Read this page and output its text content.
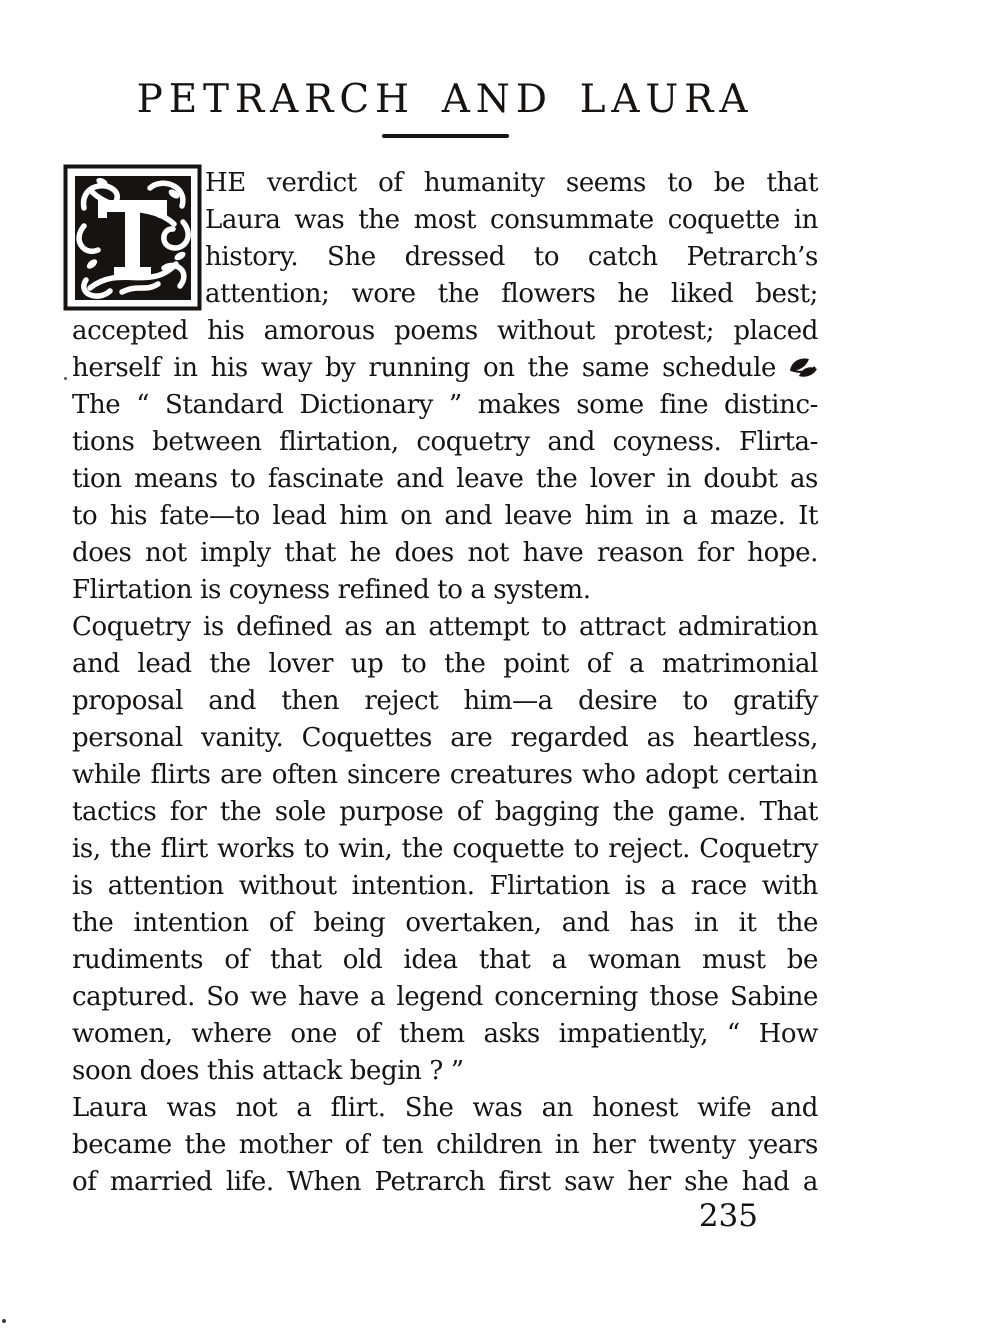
PETRARCH AND LAURA
HE verdict of humanity seems to be that
Laura was the most consummate coquette in
history. She dressed to catch Petrarch’s
attention; wore the flowers he liked best;
accepted his amorous poems without protest; placed
herself in his way by running on the same schedule
The “ Standard Dictionary ” makes some fine distinc-
tions between flirtation, coquetry and coyness. Flirta-
tion means to fascinate and leave the lover in doubt as
to his fate—to lead him on and leave him in a maze. It
does not imply that he does not have reason for hope.
Flirtation is coyness refined to a system.
Coquetry is defined as an attempt to attract admiration
and lead the lover up to the point of a matrimonial
proposal and then reject him—a desire to gratify
personal vanity. Coquettes are regarded as heartless,
while flirts are often sincere creatures who adopt certain
tactics for the sole purpose of bagging the game. That
is, the flirt works to win, the coquette to reject. Coquetry
is attention without intention. Flirtation is a race with
the intention of being overtaken, and has in it the
rudiments of that old idea that a woman must be
captured. So we have a legend concerning those Sabine
women, where one of them asks impatiently, “ How
soon does this attack begin ? ”
Laura was not a flirt. She was an honest wife and
became the mother of ten children in her twenty years
of married life. When Petrarch first saw her she had a
235
